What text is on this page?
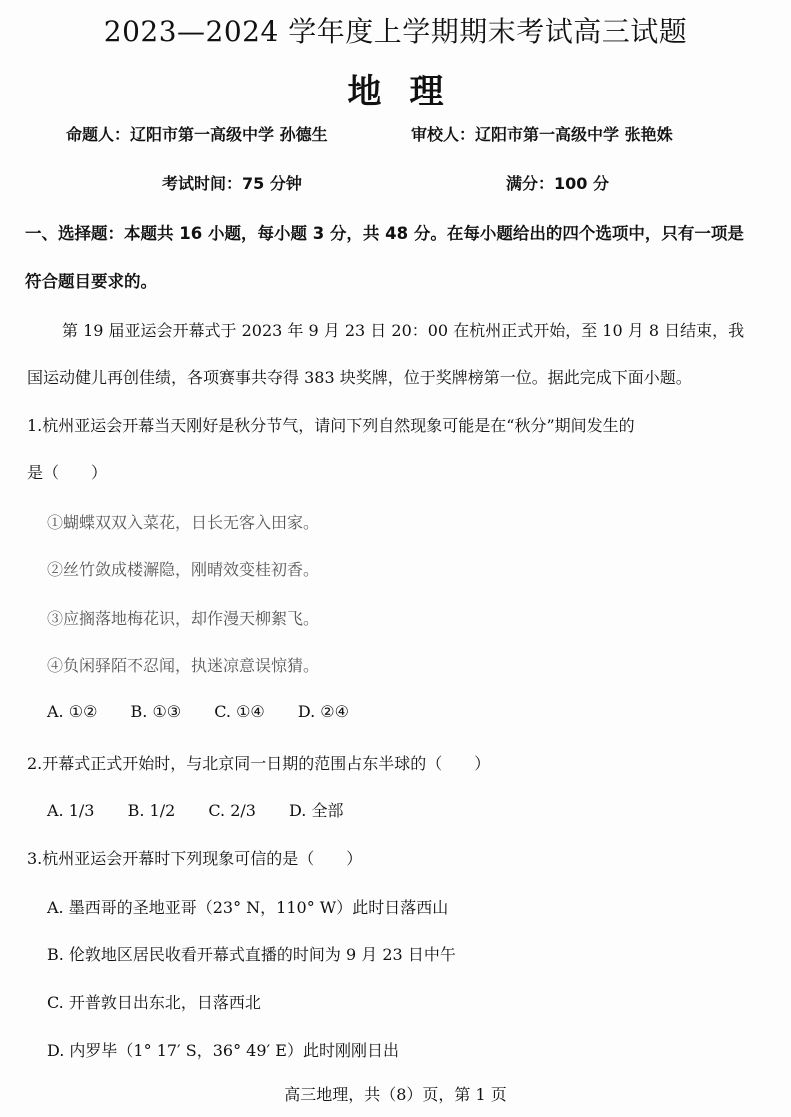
2023—2024 学年度上学期期末考试高三试题
地理
命题人：辽阳市第一高级中学 孙德生	审校人：辽阳市第一高级中学 张艳姝
考试时间：75 分钟	满分：100 分
一、选择题：本题共 16 小题，每小题 3 分，共 48 分。在每小题给出的四个选项中，只有一项是
符合题目要求的。
第 19 届亚运会开幕式于 2023 年 9 月 23 日 20：00 在杭州正式开始，至 10 月 8 日结束，我
国运动健儿再创佳绩，各项赛事共夺得 383 块奖牌，位于奖牌榜第一位。据此完成下面小题。
1.杭州亚运会开幕当天刚好是秋分节气，请问下列自然现象可能是在“秋分”期间发生的
是（　　）
①蝴蝶双双入菜花，日长无客入田家。
②丝竹敛成楼澥隐，刚晴效变桂初香。
③应搁落地梅花识，却作漫天柳絮飞。
④负闲驿陌不忍闻，执迷凉意误惊猜。
A. ①② B. ①③ C. ①④ D. ②④
2.开幕式正式开始时，与北京同一日期的范围占东半球的（　　）
A. 1/3 B. 1/2 C. 2/3 D. 全部
3.杭州亚运会开幕时下列现象可信的是（　　）
A. 墨西哥的圣地亚哥（23° N，110° W）此时日落西山
B. 伦敦地区居民收看开幕式直播的时间为 9 月 23 日中午
C. 开普敦日出东北，日落西北
D. 内罗毕（1° 17′ S，36° 49′ E）此时刚刚日出
高三地理，共（8）页，第 1 页
